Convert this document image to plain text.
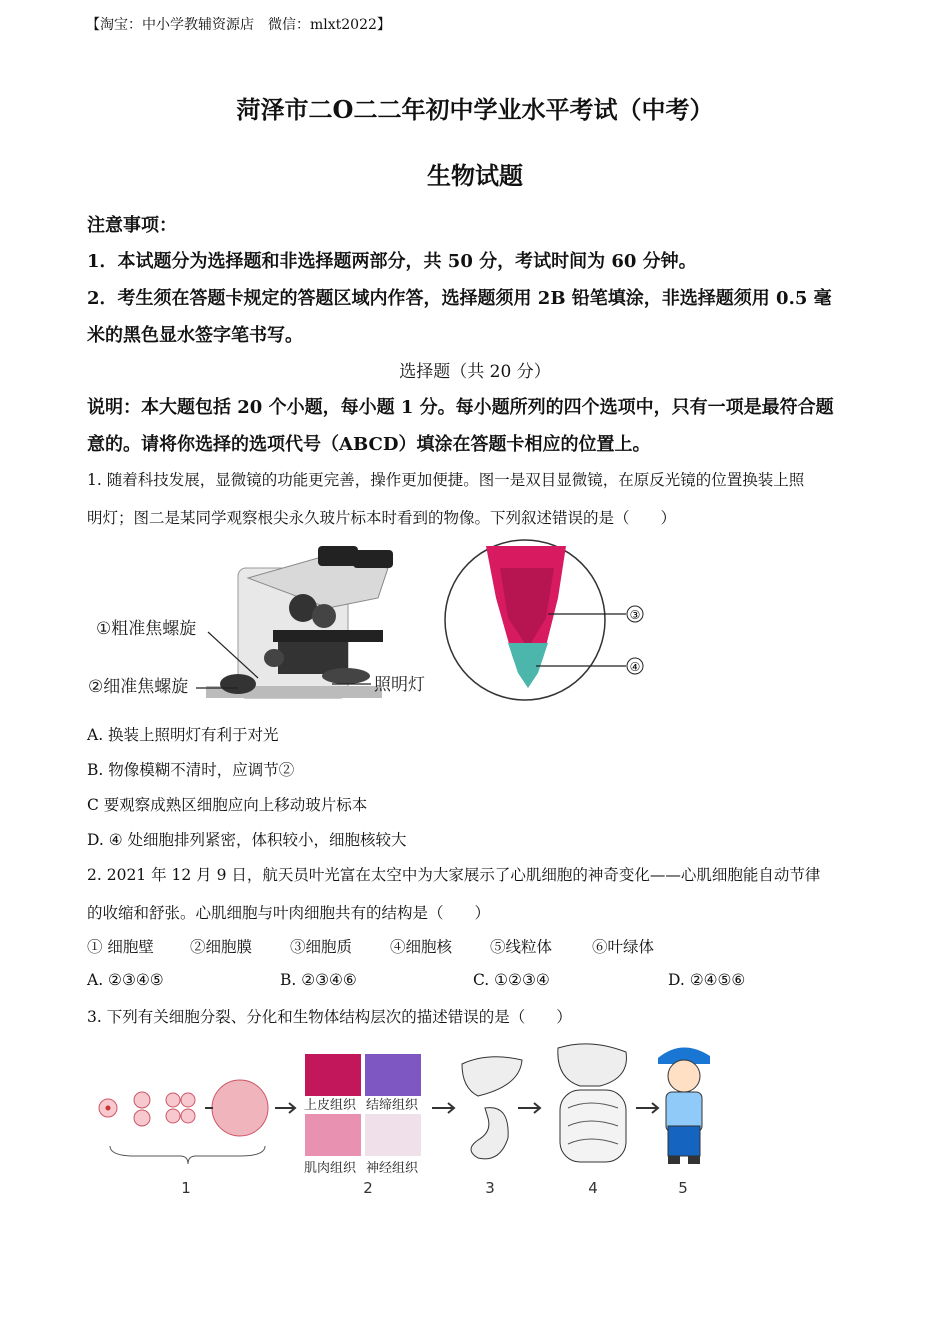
【淘宝：中小学教辅资源店　微信：mlxt2022】
菏泽市二O二二年初中学业水平考试（中考）
生物试题
注意事项：
1．本试题分为选择题和非选择题两部分，共 50 分，考试时间为 60 分钟。
2．考生须在答题卡规定的答题区域内作答，选择题须用 2B 铅笔填涂，非选择题须用 0.5 毫
米的黑色显水签字笔书写。
选择题（共 20 分）
说明：本大题包括 20 个小题，每小题 1 分。每小题所列的四个选项中，只有一项是最符合题
意的。请将你选择的选项代号（ABCD）填涂在答题卡相应的位置上。
1. 随着科技发展，显微镜的功能更完善，操作更加便捷。图一是双目显微镜，在原反光镜的位置换装上照
明灯；图二是某同学观察根尖永久玻片标本时看到的物像。下列叙述错误的是（　　）
①粗准焦螺旋
②细准焦螺旋	照明灯
③
④
A. 换装上照明灯有利于对光
B. 物像模糊不清时，应调节②
C 要观察成熟区细胞应向上移动玻片标本
D. ④ 处细胞排列紧密，体积较小，细胞核较大
2. 2021 年 12 月 9 日，航天员叶光富在太空中为大家展示了心肌细胞的神奇变化——心肌细胞能自动节律
的收缩和舒张。心肌细胞与叶肉细胞共有的结构是（　　）
① 细胞壁 ②细胞膜 ③细胞质 ④细胞核 ⑤线粒体	⑥叶绿体
A. ②③④⑤	B. ②③④⑥	C. ①②③④	D. ②④⑤⑥
3. 下列有关细胞分裂、分化和生物体结构层次的描述错误的是（　　）
上皮组织 结缔组织
肌肉组织 神经组织
1	2	3	4	5
